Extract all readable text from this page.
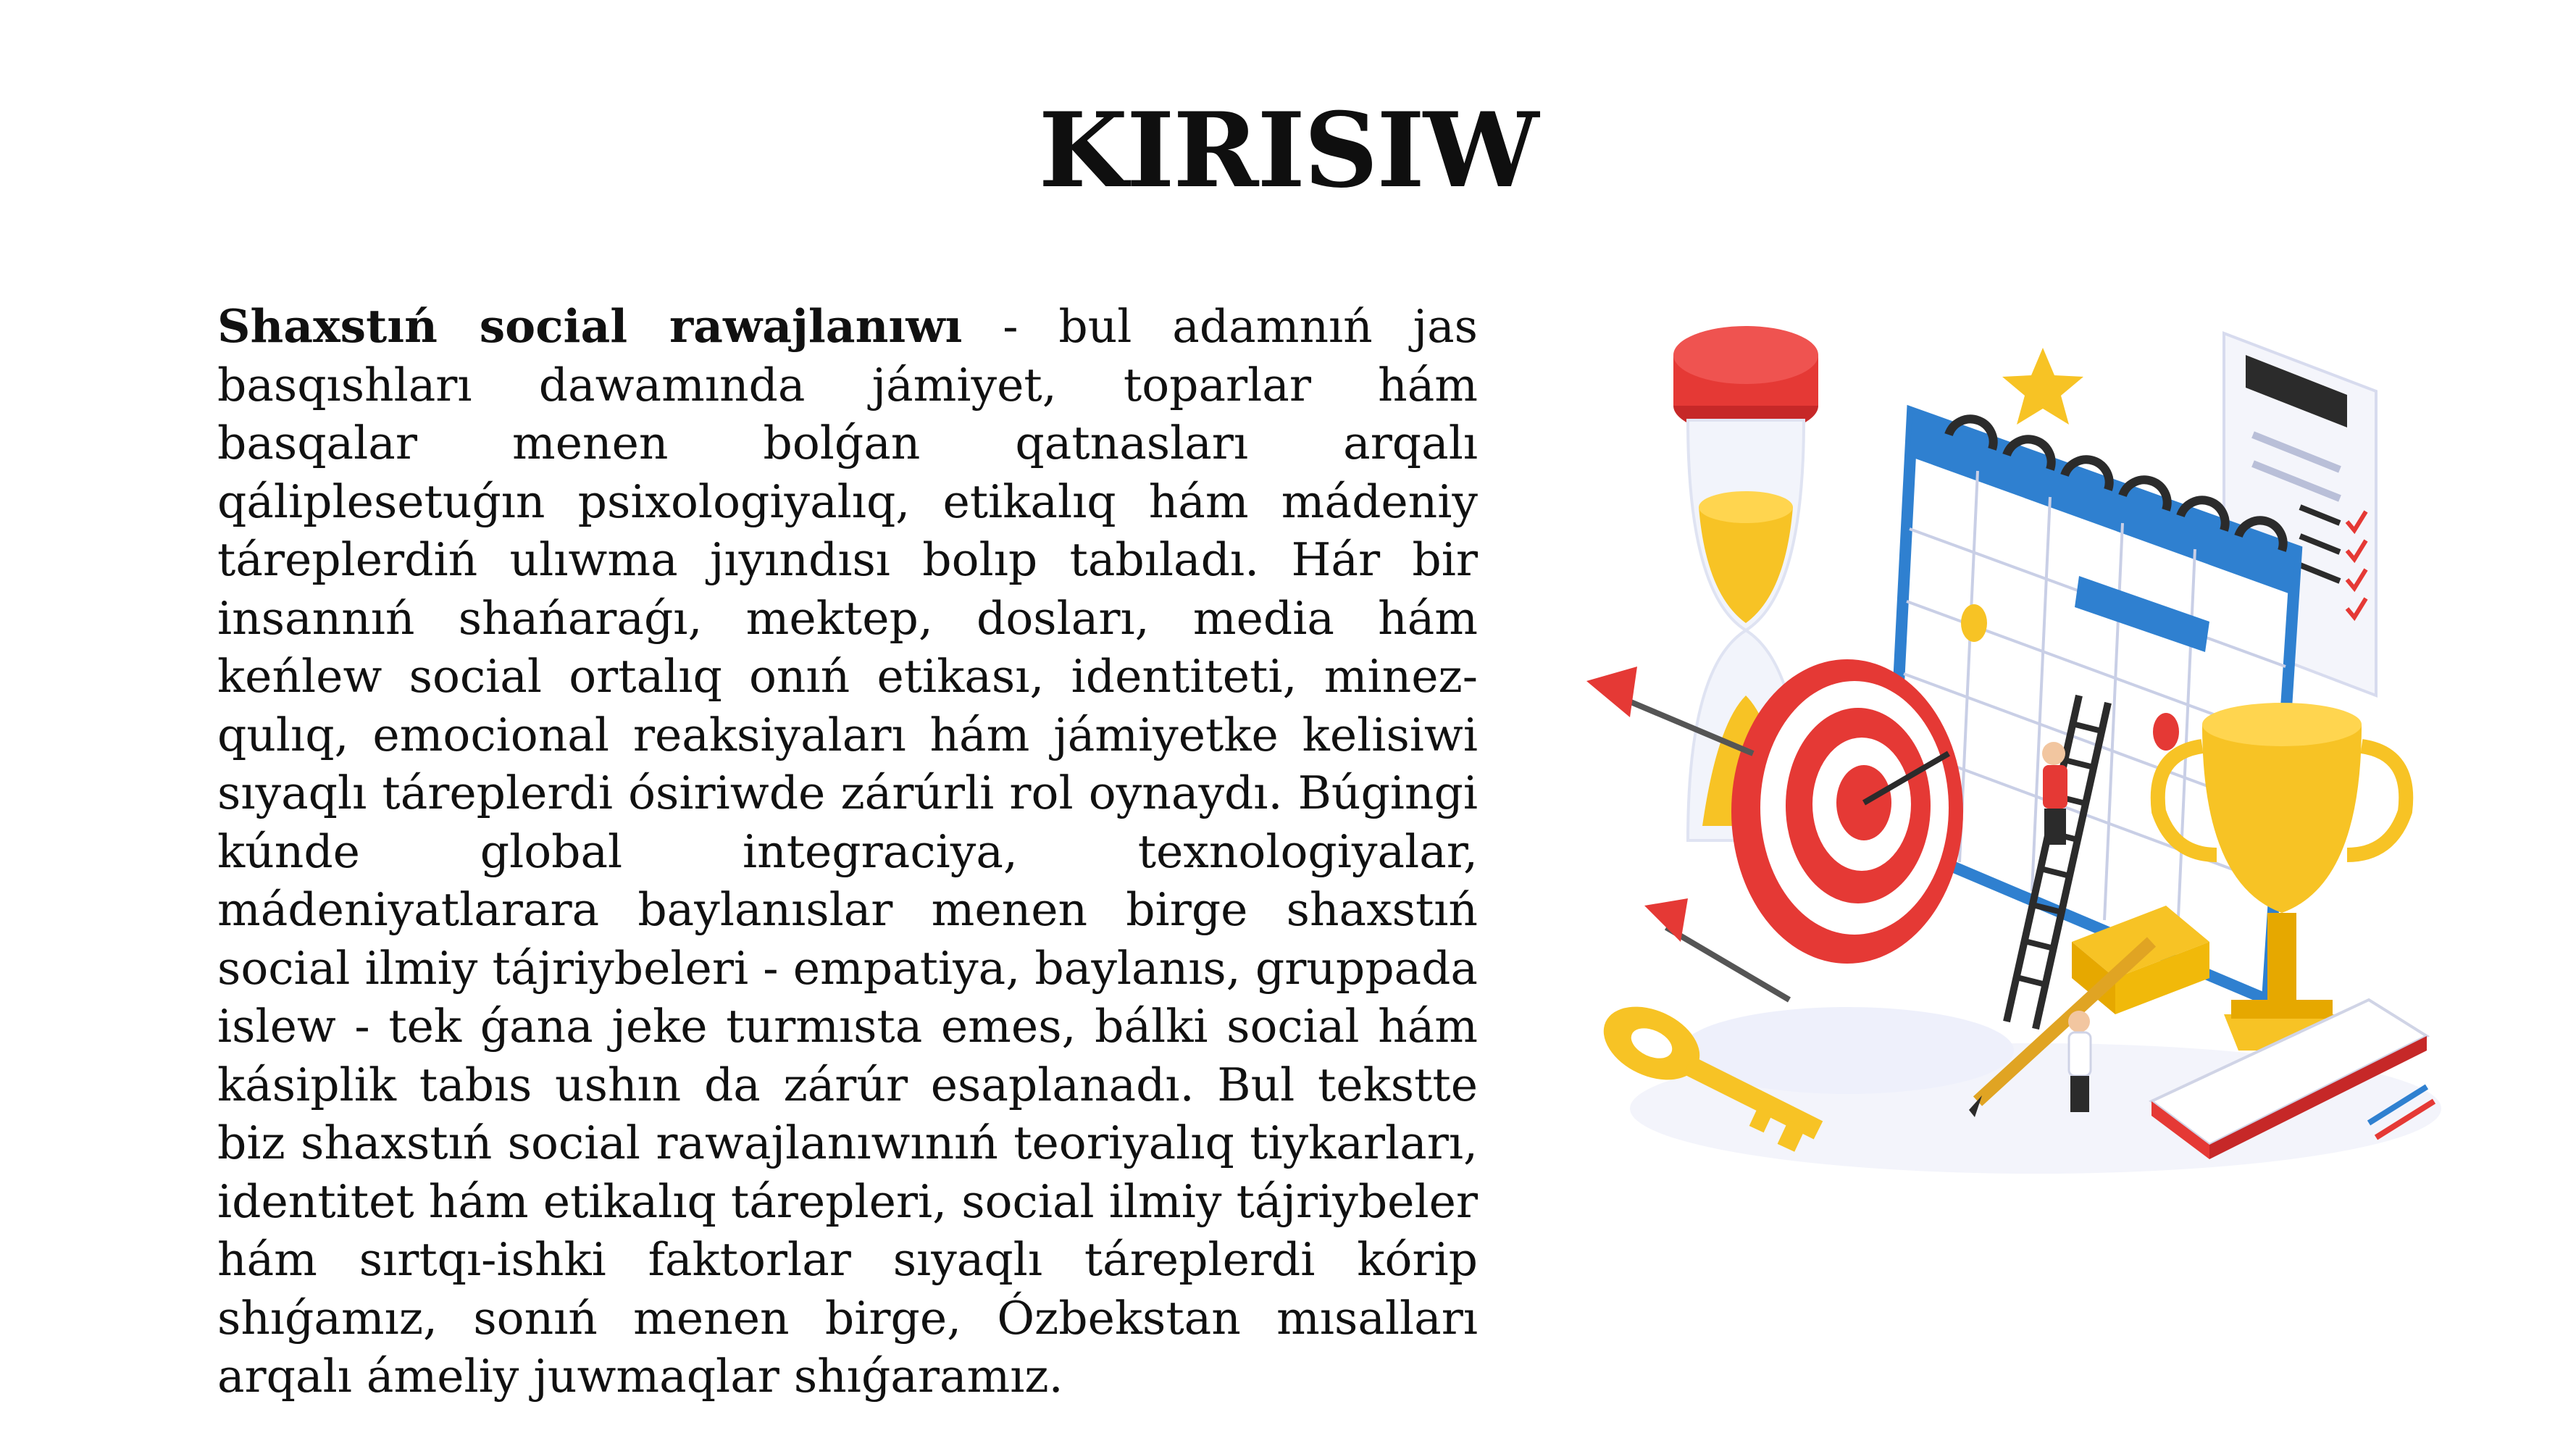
KIRISIW

Shaxstıń social rawajlanıwı - bul adamnıń jas basqıshları dawamında jámiyet, toparlar hám basqalar menen bolǵan qatnasları arqalı qáliplesetuǵın psixologiyalıq, etikalıq hám mádeniy táreplerdiń ulıwma jıyındısı bolıp tabıladı. Hár bir insannıń shańaraǵı, mektep, dosları, media hám keńlew social ortalıq onıń etikası, identiteti, minez-qulıq, emocional reaksiyaları hám jámiyetke kelisiwi sıyaqlı táreplerdi ósiriwde zárúrli rol oynaydı. Búgingi kúnde global integraciya, texnologiyalar, mádeniyatlarara baylanıslar menen birge shaxstıń social ilmiy tájriybeleri - empatiya, baylanıs, gruppada islew - tek ǵana jeke turmısta emes, bálki social hám kásiplik tabıs ushın da zárúr esaplanadı. Bul tekstte biz shaxstıń social rawajlanıwınıń teoriyalıq tiykarları, identitet hám etikalıq tárepleri, social ilmiy tájriybeler hám sırtqı-ishki faktorlar sıyaqlı táreplerdi kórip shıǵamız, sonıń menen birge, Ózbekstan mısalları arqalı ámeliy juwmaqlar shıǵaramız.
